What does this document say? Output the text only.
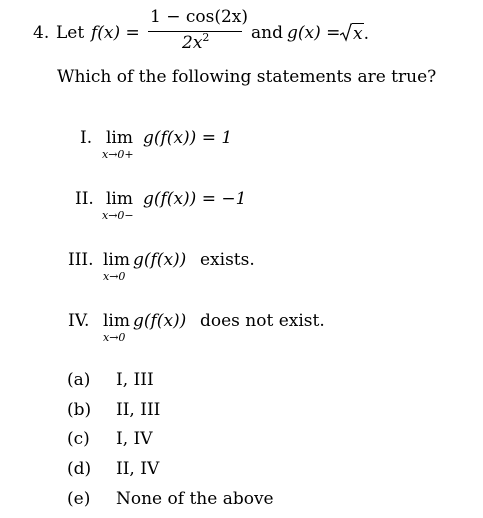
4. Let f(x) =
1 − cos(2x)
$2x^2$ and g(x) = x.
Which of the following statements are true?
I. lim
x→0+
g(f(x)) = 1
II. lim
x→0−
g(f(x)) = −1
III. lim
x→0
g(f(x)) exists.
IV. lim
x→0
g(f(x)) does not exist.
(a) I, III
(b) II, III
(c) I, IV
(d) II, IV
(e) None of the above
